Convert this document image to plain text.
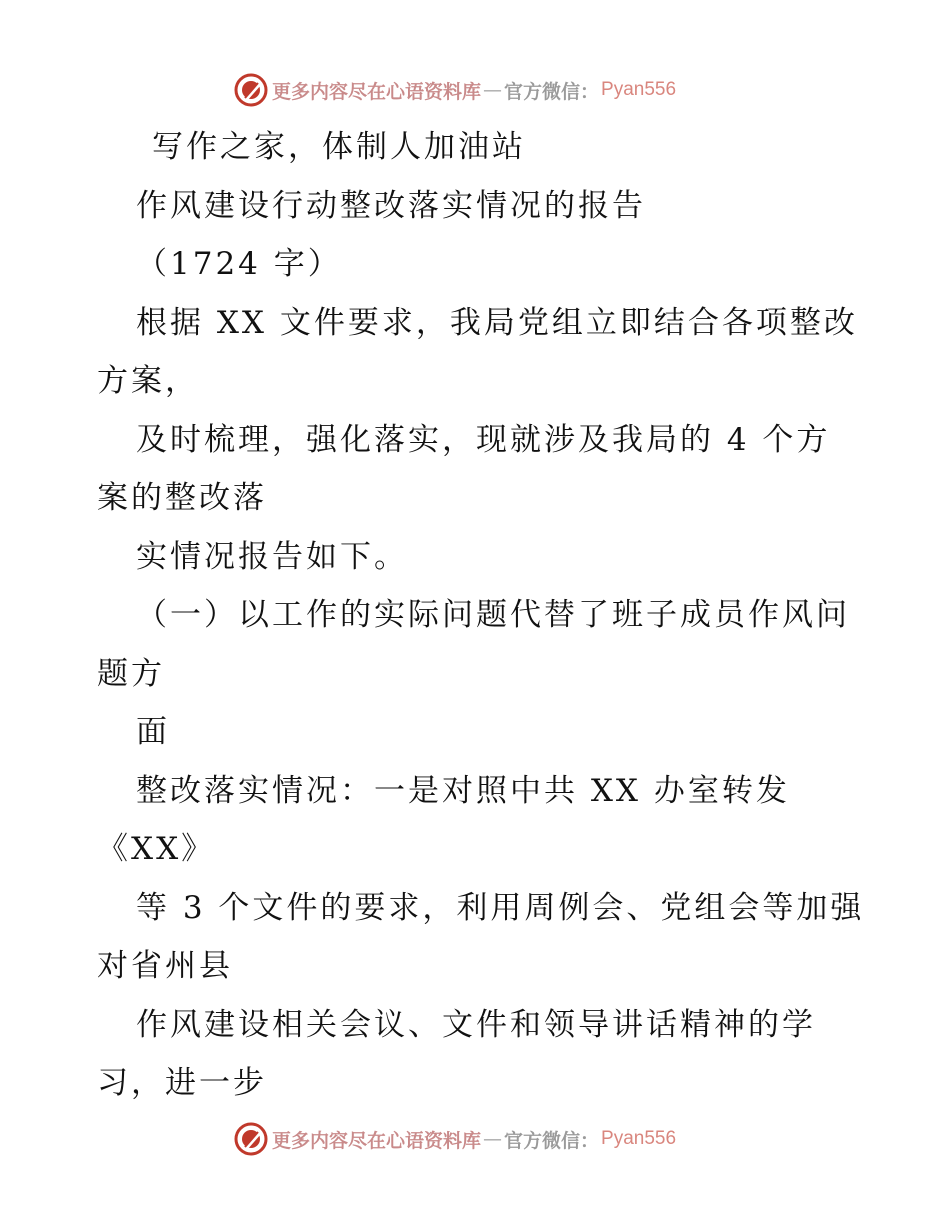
更多内容尽在心语资料库 — 官方微信： Pyan556
写作之家，体制人加油站
作风建设行动整改落实情况的报告
（1724 字）
根据 XX 文件要求，我局党组立即结合各项整改
方案，
及时梳理，强化落实，现就涉及我局的 4 个方
案的整改落
实情况报告如下。
（一）以工作的实际问题代替了班子成员作风问
题方
面
整改落实情况：一是对照中共 XX 办室转发
《XX》
等 3 个文件的要求，利用周例会、党组会等加强
对省州县
作风建设相关会议、文件和领导讲话精神的学
习，进一步
更多内容尽在心语资料库 — 官方微信： Pyan556
